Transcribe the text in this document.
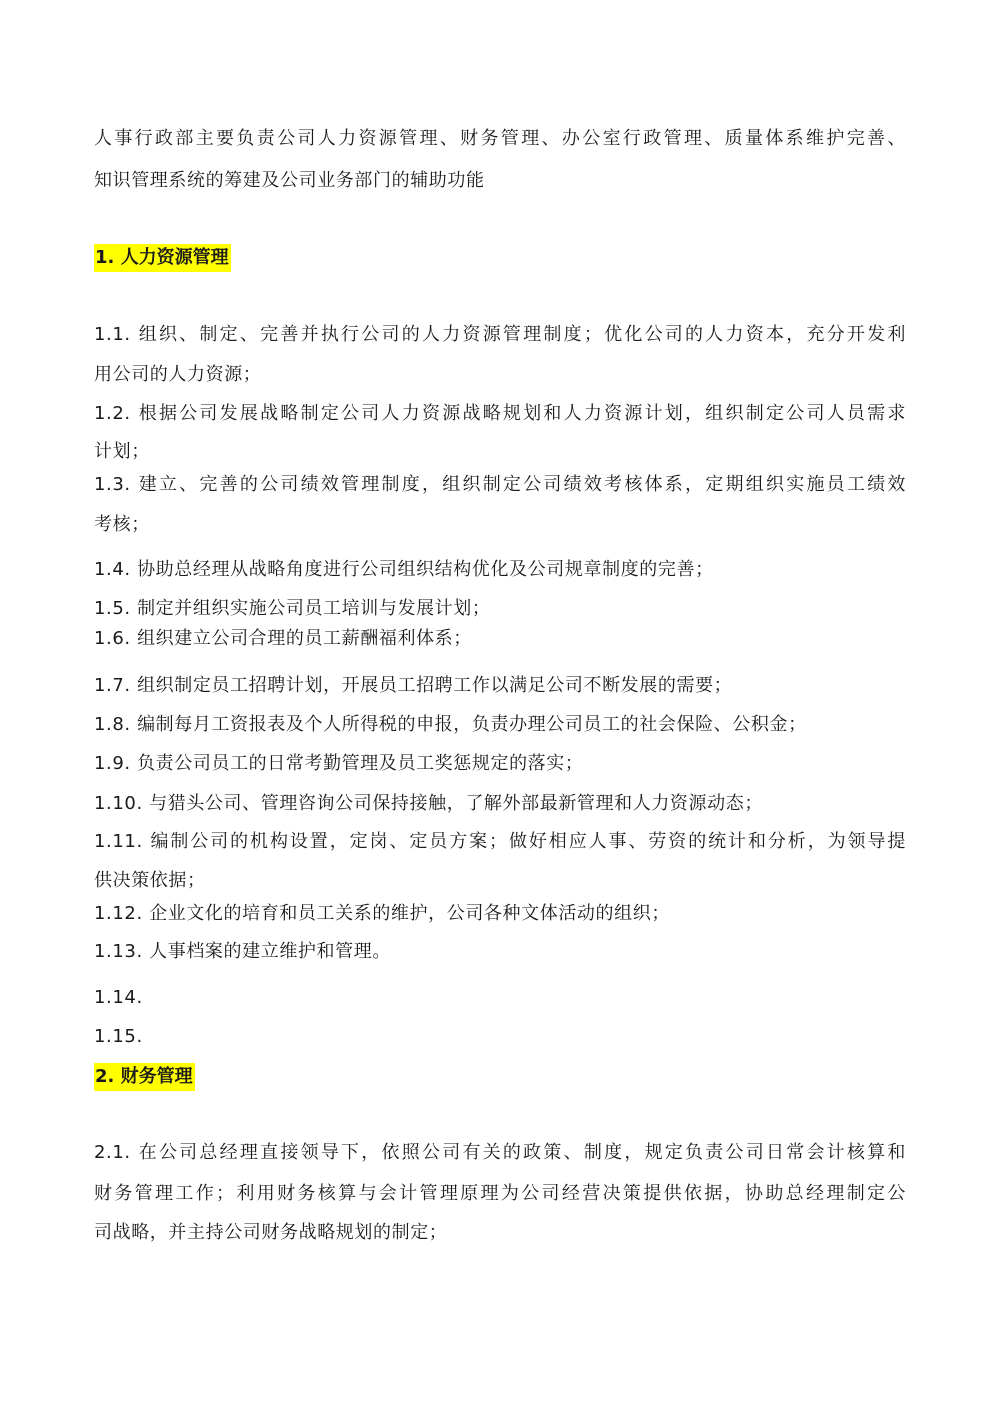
人事行政部主要负责公司人力资源管理、财务管理、办公室行政管理、质量体系维护完善、
知识管理系统的筹建及公司业务部门的辅助功能
1. 人力资源管理
1.1. 组织、制定、完善并执行公司的人力资源管理制度；优化公司的人力资本，充分开发利
用公司的人力资源；
1.2. 根据公司发展战略制定公司人力资源战略规划和人力资源计划，组织制定公司人员需求
计划；
1.3. 建立、完善的公司绩效管理制度，组织制定公司绩效考核体系，定期组织实施员工绩效
考核；
1.4. 协助总经理从战略角度进行公司组织结构优化及公司规章制度的完善；
1.5. 制定并组织实施公司员工培训与发展计划；
1.6. 组织建立公司合理的员工薪酬福利体系；
1.7. 组织制定员工招聘计划，开展员工招聘工作以满足公司不断发展的需要；
1.8. 编制每月工资报表及个人所得税的申报，负责办理公司员工的社会保险、公积金；
1.9. 负责公司员工的日常考勤管理及员工奖惩规定的落实；
1.10. 与猎头公司、管理咨询公司保持接触，了解外部最新管理和人力资源动态；
1.11. 编制公司的机构设置，定岗、定员方案；做好相应人事、劳资的统计和分析，为领导提
供决策依据；
1.12. 企业文化的培育和员工关系的维护，公司各种文体活动的组织；
1.13. 人事档案的建立维护和管理。
1.14.
1.15.
2. 财务管理
2.1. 在公司总经理直接领导下，依照公司有关的政策、制度，规定负责公司日常会计核算和
财务管理工作；利用财务核算与会计管理原理为公司经营决策提供依据，协助总经理制定公
司战略，并主持公司财务战略规划的制定；
